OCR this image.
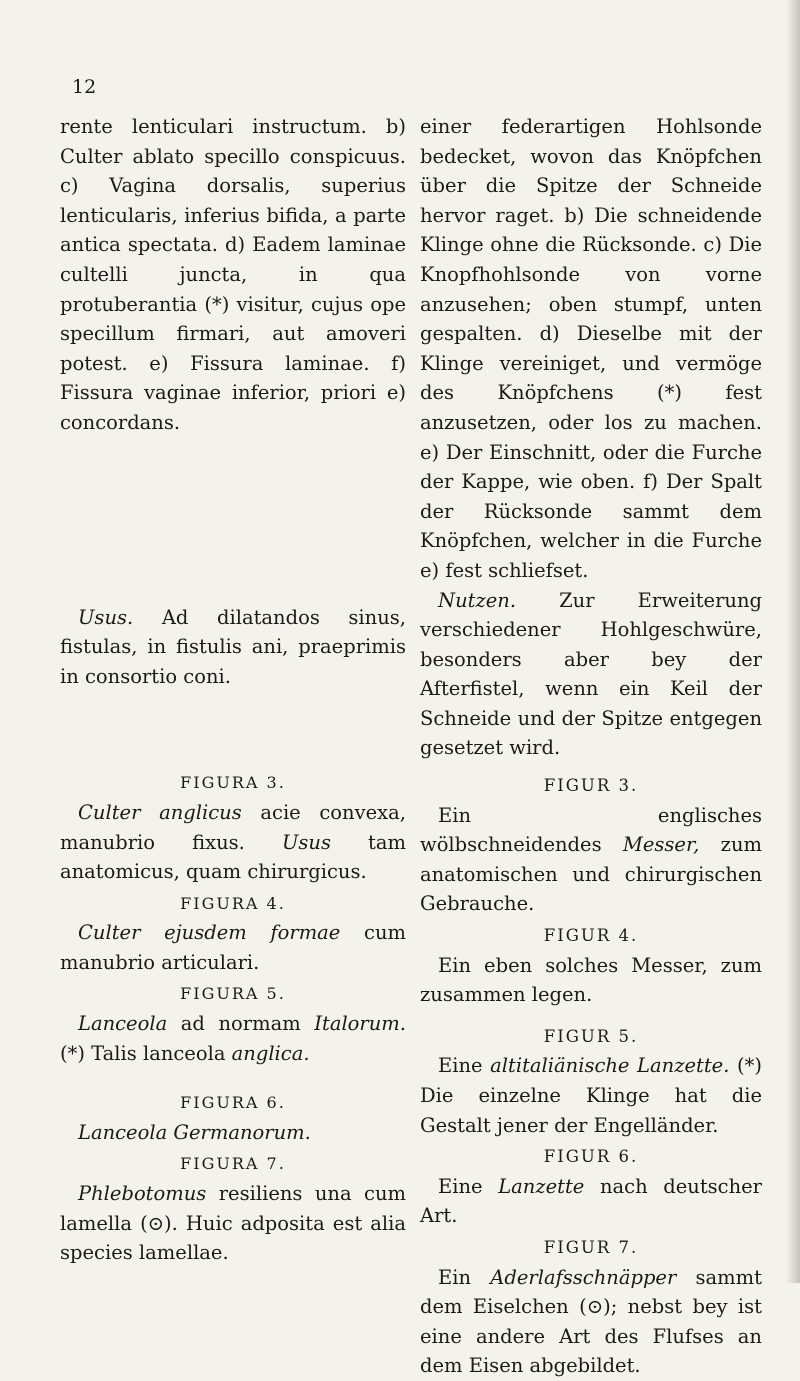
12

rente lenticulari instructum. b) Culter ablato specillo conspicuus. c) Vagina dorsalis, superius lenticularis, inferius bifida, a parte antica spectata. d) Eadem laminae cultelli juncta, in qua protuberantia (*) visitur, cujus ope specillum firmari, aut amoveri potest. e) Fissura laminae. f) Fissura vaginae inferior, priori e) concordans.

Usus. Ad dilatandos sinus, fistulas, in fistulis ani, praeprimis in consortio coni.

FIGURA 3.

Culter anglicus acie convexa, manubrio fixus. Usus tam anatomicus, quam chirurgicus.

FIGURA 4.

Culter ejusdem formae cum manubrio articulari.

FIGURA 5.

Lanceola ad normam Italorum. (*) Talis lanceola anglica.

FIGURA 6.

Lanceola Germanorum.

FIGURA 7.

Phlebotomus resiliens una cum lamella (⊙). Huic adposita est alia species lamellae.

einer federartigen Hohlsonde bedecket, wovon das Knöpfchen über die Spitze der Schneide hervor raget. b) Die schneidende Klinge ohne die Rücksonde. c) Die Knopfhohlsonde von vorne anzusehen; oben stumpf, unten gespalten. d) Dieselbe mit der Klinge vereiniget, und vermöge des Knöpfchens (*) fest anzusetzen, oder los zu machen. e) Der Einschnitt, oder die Furche der Kappe, wie oben. f) Der Spalt der Rücksonde sammt dem Knöpfchen, welcher in die Furche e) fest schliefset.

Nutzen. Zur Erweiterung verschiedener Hohlgeschwüre, besonders aber bey der Afterfistel, wenn ein Keil der Schneide und der Spitze entgegen gesetzet wird.

FIGUR 3.

Ein englisches wölbschneidendes Messer, zum anatomischen und chirurgischen Gebrauche.

FIGUR 4.

Ein eben solches Messer, zum zusammen legen.

FIGUR 5.

Eine altitaliänische Lanzette. (*) Die einzelne Klinge hat die Gestalt jener der Engelländer.

FIGUR 6.

Eine Lanzette nach deutscher Art.

FIGUR 7.

Ein Aderlafsschnäpper sammt dem Eiselchen (⊙); nebst bey ist eine andere Art des Flufses an dem Eisen abgebildet.
